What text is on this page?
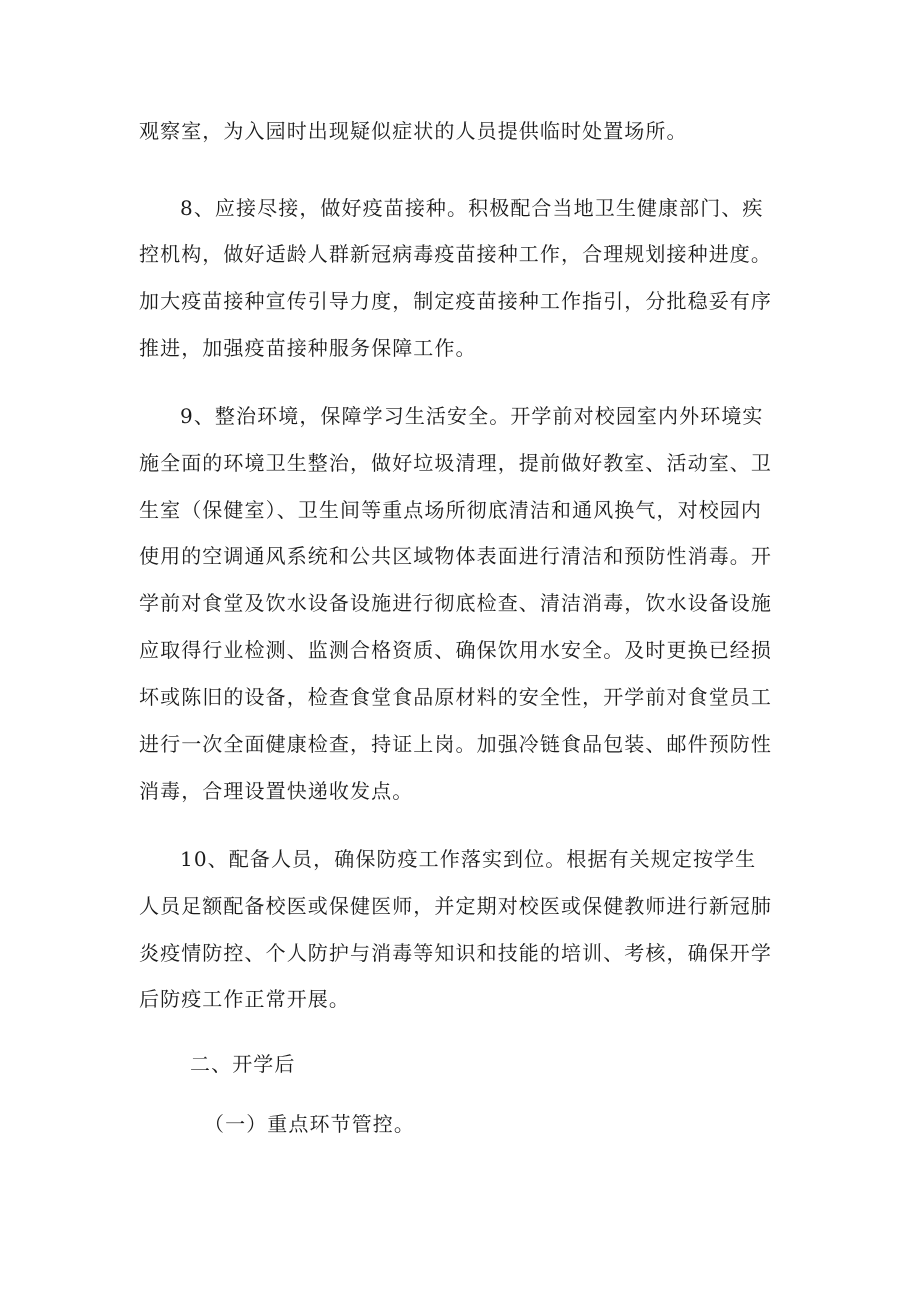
观察室，为入园时出现疑似症状的人员提供临时处置场所。
8、应接尽接，做好疫苗接种。积极配合当地卫生健康部门、疾
控机构，做好适龄人群新冠病毒疫苗接种工作，合理规划接种进度。
加大疫苗接种宣传引导力度，制定疫苗接种工作指引，分批稳妥有序
推进，加强疫苗接种服务保障工作。
9、整治环境，保障学习生活安全。开学前对校园室内外环境实
施全面的环境卫生整治，做好垃圾清理，提前做好教室、活动室、卫
生室（保健室）、卫生间等重点场所彻底清洁和通风换气，对校园内
使用的空调通风系统和公共区域物体表面进行清洁和预防性消毒。开
学前对食堂及饮水设备设施进行彻底检查、清洁消毒，饮水设备设施
应取得行业检测、监测合格资质、确保饮用水安全。及时更换已经损
坏或陈旧的设备，检查食堂食品原材料的安全性，开学前对食堂员工
进行一次全面健康检查，持证上岗。加强冷链食品包装、邮件预防性
消毒，合理设置快递收发点。
10、配备人员，确保防疫工作落实到位。根据有关规定按学生
人员足额配备校医或保健医师，并定期对校医或保健教师进行新冠肺
炎疫情防控、个人防护与消毒等知识和技能的培训、考核，确保开学
后防疫工作正常开展。
二、开学后
（一）重点环节管控。
